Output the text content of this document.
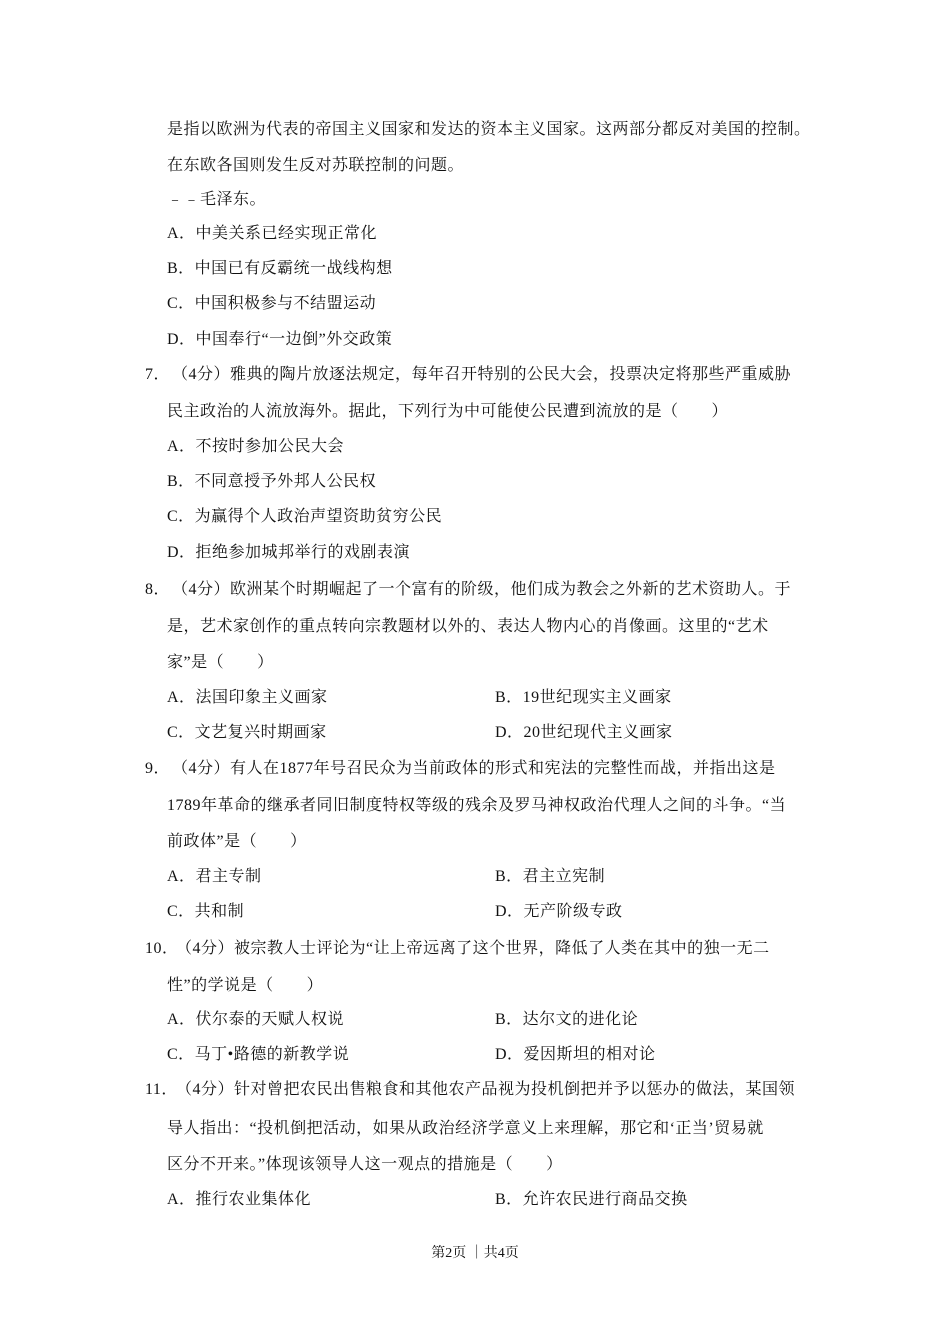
是指以欧洲为代表的帝国主义国家和发达的资本主义国家。这两部分都反对美国的控制。
在东欧各国则发生反对苏联控制的问题。
﹣﹣毛泽东。
A．中美关系已经实现正常化
B．中国已有反霸统一战线构想
C．中国积极参与不结盟运动
D．中国奉行“一边倒”外交政策
7． （4分）雅典的陶片放逐法规定，每年召开特别的公民大会，投票决定将那些严重威胁
民主政治的人流放海外。据此，下列行为中可能使公民遭到流放的是（　　）
A．不按时参加公民大会
B．不同意授予外邦人公民权
C．为赢得个人政治声望资助贫穷公民
D．拒绝参加城邦举行的戏剧表演
8． （4分）欧洲某个时期崛起了一个富有的阶级，他们成为教会之外新的艺术资助人。于
是，艺术家创作的重点转向宗教题材以外的、表达人物内心的肖像画。这里的“艺术
家”是（　　）
A．法国印象主义画家	B．19世纪现实主义画家
C．文艺复兴时期画家	D．20世纪现代主义画家
9． （4分）有人在1877年号召民众为当前政体的形式和宪法的完整性而战，并指出这是
1789年革命的继承者同旧制度特权等级的残余及罗马神权政治代理人之间的斗争。“当
前政体”是（　　）
A．君主专制	B．君主立宪制
C．共和制	D．无产阶级专政
10．
（4分）被宗教人士评论为“让上帝远离了这个世界，降低了人类在其中的独一无二
性”的学说是（　　）
A．伏尔泰的天赋人权说	B．达尔文的进化论
C．马丁•路德的新教学说	D．爱因斯坦的相对论
11．
（4分）针对曾把农民出售粮食和其他农产品视为投机倒把并予以惩办的做法，某国领
导人指出：“投机倒把活动，如果从政治经济学意义上来理解，那它和‘正当’贸易就
区分不开来。”体现该领导人这一观点的措施是（　　）
A．推行农业集体化	B．允许农民进行商品交换
第2页 ｜共4页
